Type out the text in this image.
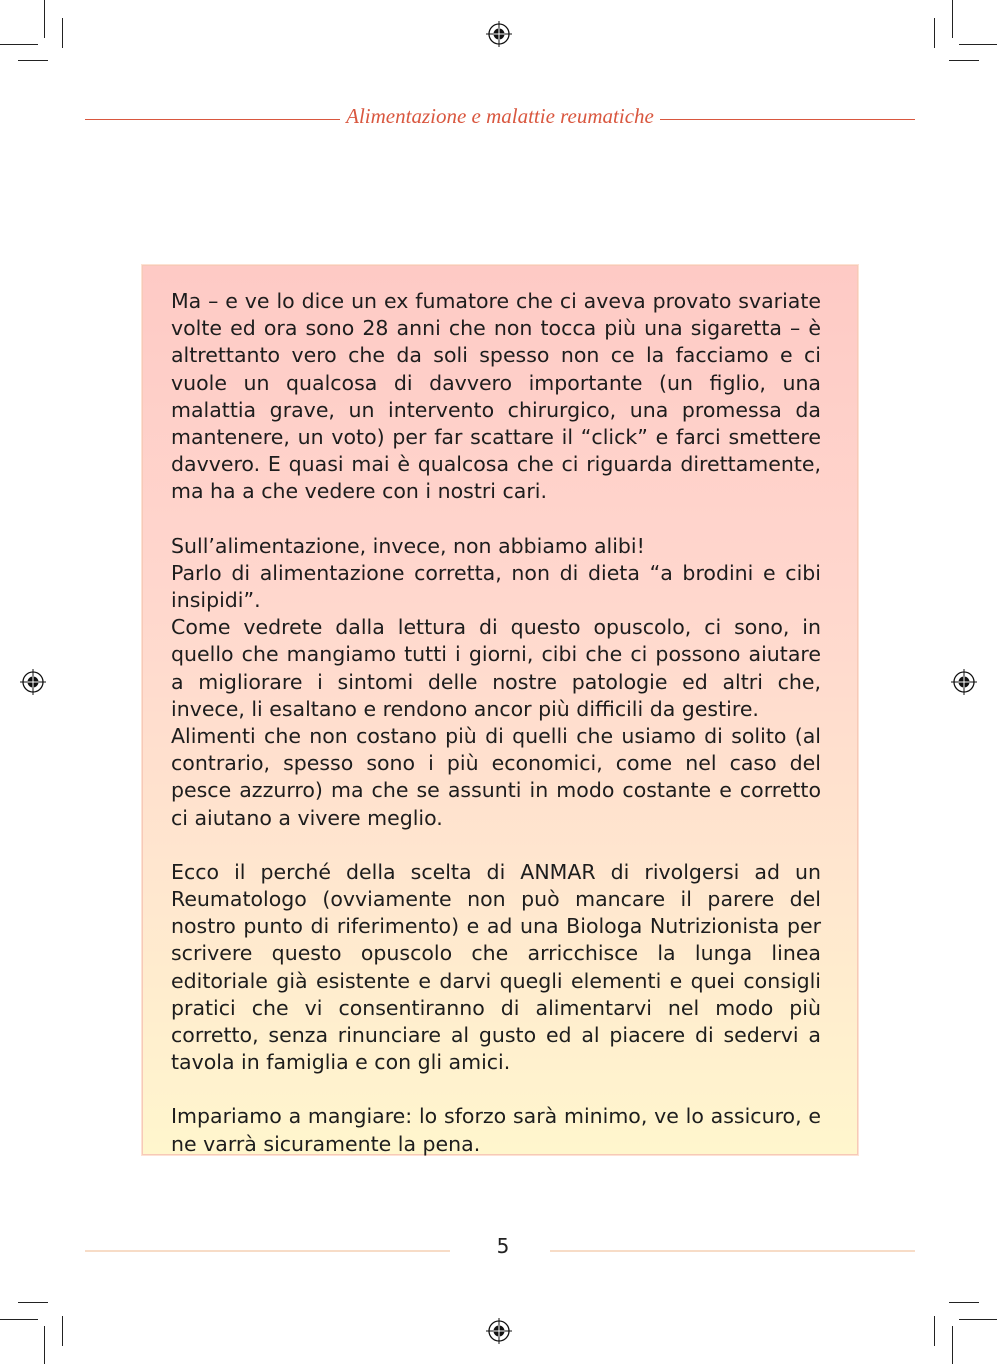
Alimentazione e malattie reumatiche

Ma – e ve lo dice un ex fumatore che ci aveva provato svariate volte ed ora sono 28 anni che non tocca più una sigaretta – è altrettanto vero che da soli spesso non ce la facciamo e ci vuole un qualcosa di davvero importante (un figlio, una malattia grave, un intervento chirurgico, una promessa da mantenere, un voto) per far scattare il “click” e farci smettere davvero. E quasi mai è qualcosa che ci riguarda direttamente, ma ha a che vedere con i nostri cari.

Sull’alimentazione, invece, non abbiamo alibi!

Parlo di alimentazione corretta, non di dieta “a brodini e cibi insipidi”.

Come vedrete dalla lettura di questo opuscolo, ci sono, in quello che mangiamo tutti i giorni, cibi che ci possono aiutare a migliorare i sintomi delle nostre patologie ed altri che, invece, li esaltano e rendono ancor più difficili da gestire.

Alimenti che non costano più di quelli che usiamo di solito (al contrario, spesso sono i più economici, come nel caso del pesce azzurro) ma che se assunti in modo costante e corretto ci aiutano a vivere meglio.

Ecco il perché della scelta di ANMAR di rivolgersi ad un Reumatologo (ovviamente non può mancare il parere del nostro punto di riferimento) e ad una Biologa Nutrizionista per scrivere questo opuscolo che arricchisce la lunga linea editoriale già esistente e darvi quegli elementi e quei consigli pratici che vi consentiranno di alimentarvi nel modo più corretto, senza rinunciare al gusto ed al piacere di sedervi a tavola in famiglia e con gli amici.

Impariamo a mangiare: lo sforzo sarà minimo, ve lo assicuro, e ne varrà sicuramente la pena.

5
